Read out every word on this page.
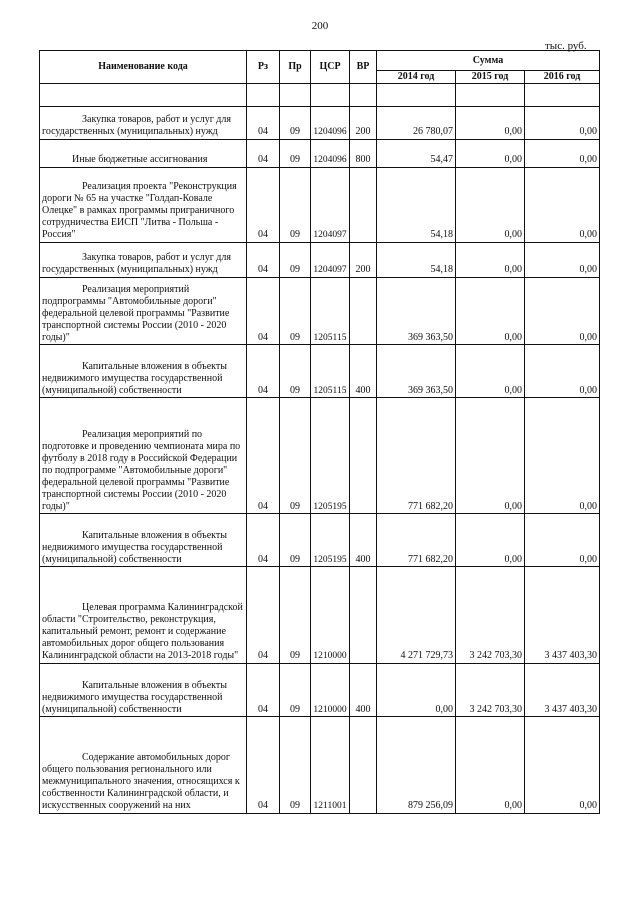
200
тыс. руб.
Наименование кода	Рз	Пр	ЦСР	ВР	Сумма		
					2014 год	2015 год	2016 год

Закупка товаров, работ и услуг для государственных (муниципальных) нужд	04	09	1204096	200	26 780,07	0,00	0,00
Иные бюджетные ассигнования	04	09	1204096	800	54,47	0,00	0,00
Реализация проекта "Реконструкция дороги № 65 на участке "Голдап-Ковале Олецке" в рамках программы приграничного сотрудничества ЕИСП "Литва - Польша - Россия"	04	09	1204097		54,18	0,00	0,00
Закупка товаров, работ и услуг для государственных (муниципальных) нужд	04	09	1204097	200	54,18	0,00	0,00
Реализация мероприятий подпрограммы "Автомобильные дороги" федеральной целевой программы "Развитие транспортной системы России (2010 - 2020 годы)"	04	09	1205115		369 363,50	0,00	0,00
Капитальные вложения в объекты недвижимого имущества государственной (муниципальной) собственности	04	09	1205115	400	369 363,50	0,00	0,00
Реализация мероприятий по подготовке и проведению чемпионата мира по футболу в 2018 году в Российской Федерации по подпрограмме "Автомобильные дороги" федеральной целевой программы "Развитие транспортной системы России (2010 - 2020 годы)"	04	09	1205195		771 682,20	0,00	0,00
Капитальные вложения в объекты недвижимого имущества государственной (муниципальной) собственности	04	09	1205195	400	771 682,20	0,00	0,00
Целевая программа Калининградской области "Строительство, реконструкция, капитальный ремонт, ремонт и содержание автомобильных дорог общего пользования Калининградской области на 2013-2018 годы"	04	09	1210000		4 271 729,73	3 242 703,30	3 437 403,30
Капитальные вложения в объекты недвижимого имущества государственной (муниципальной) собственности	04	09	1210000	400	0,00	3 242 703,30	3 437 403,30
Содержание автомобильных дорог общего пользования регионального или межмуниципального значения, относящихся к собственности Калининградской области, и искусственных сооружений на них	04	09	1211001		879 256,09	0,00	0,00
